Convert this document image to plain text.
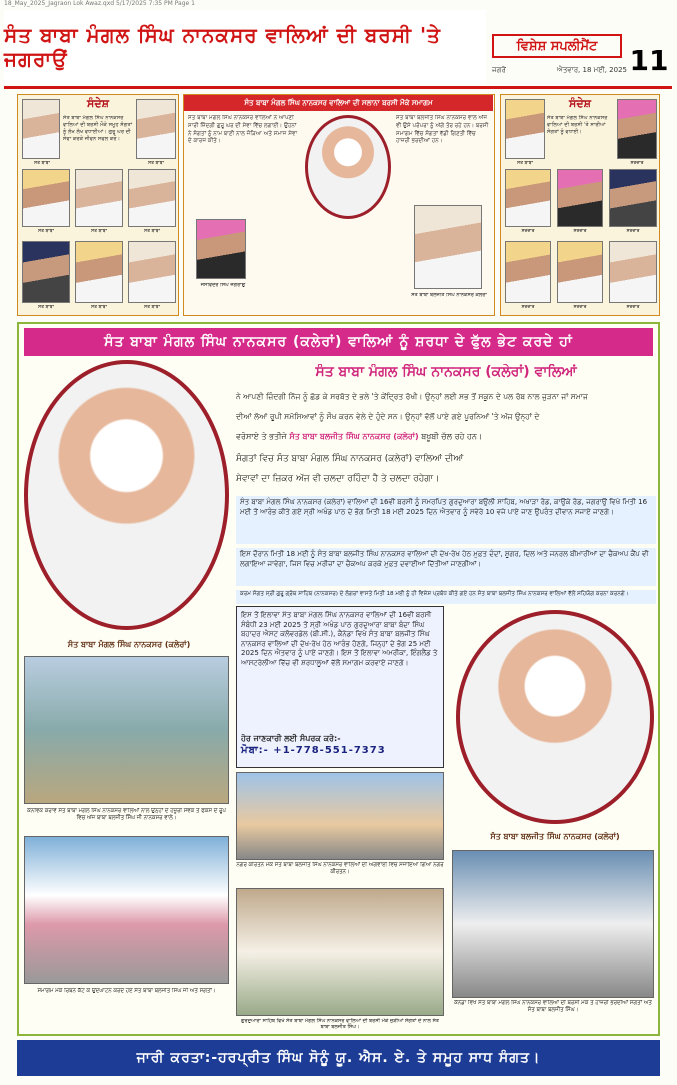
18_May_2025_Jagraon Lok Awaz.qxd 5/17/2025 7:35 PM Page 1
ਸੰਤ ਬਾਬਾ ਮੰਗਲ ਸਿੰਘ ਨਾਨਕਸਰ ਵਾਲਿਆਂ ਦੀ ਬਰਸੀ 'ਤੇ ਜਗਰਾਉਂ
ਵਿਸ਼ੇਸ਼ ਸਪਲੀਮੈਂਟ	11
ਜਗਰੋਂ	ਐਤਵਾਰ, 18 ਮਈ, 2025
ਸੰਦੇਸ਼
ਸੰਤ ਬਾਬਾ ਮੰਗਲ ਸਿੰਘ ਨਾਨਕਸਰ ਵਾਲਿਆਂ ਦੀ ਬਰਸੀ ਮੌਕੇ ਸਮੂਹ ਸੰਗਤਾਂ ਨੂੰ ਲੱਖ ਲੱਖ ਵਧਾਈਆਂ। ਗੁਰੂ ਘਰ ਦੀ ਸੇਵਾ ਕਰਕੇ ਜੀਵਨ ਸਫਲ ਕਰੋ।
ਸੰਤ ਬਾਬਾ	ਸੰਤ ਬਾਬਾ
ਸੰਤ ਬਾਬਾ	ਸੰਤ ਬਾਬਾ	ਸੰਤ ਬਾਬਾ
ਸੰਤ ਬਾਬਾ	ਸੰਤ ਬਾਬਾ	ਸੰਤ ਬਾਬਾ
ਸੰਤ ਬਾਬਾ ਮੰਗਲ ਸਿੰਘ ਨਾਨਕਸਰ ਵਾਲਿਆਂ ਦੀ ਸਲਾਨਾ ਬਰਸੀ ਮੌਕੇ ਸਮਾਗਮ
ਸੰਤ ਬਾਬਾ ਮੰਗਲ ਸਿੰਘ ਨਾਨਕਸਰ ਵਾਲਿਆਂ ਨੇ ਆਪਣੀ ਸਾਰੀ ਜ਼ਿੰਦਗੀ ਗੁਰੂ ਘਰ ਦੀ ਸੇਵਾ ਵਿੱਚ ਲਗਾਈ। ਉਹਨਾਂ ਨੇ ਸੰਗਤਾਂ ਨੂੰ ਨਾਮ ਬਾਣੀ ਨਾਲ ਜੋੜਿਆ ਅਤੇ ਸਮਾਜ ਸੇਵਾ ਦੇ ਕਾਰਜ ਕੀਤੇ।
ਸੰਤ ਬਾਬਾ ਬਲਜੀਤ ਸਿੰਘ ਨਾਨਕਸਰ ਵਾਲੇ ਅੱਜ ਵੀ ਉਸੇ ਪਰੰਪਰਾ ਨੂੰ ਅੱਗੇ ਤੋਰ ਰਹੇ ਹਨ। ਬਰਸੀ ਸਮਾਗਮ ਵਿੱਚ ਸੰਗਤਾਂ ਵੱਡੀ ਗਿਣਤੀ ਵਿੱਚ ਹਾਜ਼ਰੀ ਭਰਦੀਆਂ ਹਨ।
ਜਸਵਿੰਦਰ ਸਿੰਘ ਜਗਰਾਉਂ
ਸੰਤ ਬਾਬਾ ਬਲਜੀਤ ਸਿੰਘ ਨਾਨਕਸਰ ਕਲੇਰਾਂ
ਸੰਦੇਸ਼
ਸੰਤ ਬਾਬਾ ਮੰਗਲ ਸਿੰਘ ਨਾਨਕਸਰ ਵਾਲਿਆਂ ਦੀ ਬਰਸੀ 'ਤੇ ਸਾਰੀਆਂ ਸੰਗਤਾਂ ਨੂੰ ਵਧਾਈ।
ਸੰਤ ਬਾਬਾ	ਸਰਦਾਰ
ਸਰਦਾਰ	ਸਰਦਾਰ	ਸਰਦਾਰ
ਸਰਦਾਰ	ਸਰਦਾਰ	ਸਰਦਾਰ
ਸੰਤ ਬਾਬਾ ਮੰਗਲ ਸਿੰਘ ਨਾਨਕਸਰ (ਕਲੇਰਾਂ) ਵਾਲਿਆਂ ਨੂੰ ਸ਼ਰਧਾ ਦੇ ਫੁੱਲ ਭੇਟ ਕਰਦੇ ਹਾਂ
ਸੰਤ ਬਾਬਾ ਮੰਗਲ ਸਿੰਘ ਨਾਨਕਸਰ (ਕਲੇਰਾਂ) ਵਾਲਿਆਂ
ਨੇ ਆਪਣੀ ਜ਼ਿੰਦਗੀ ਨਿੱਜ ਨੂੰ ਛੱਡ ਕੇ ਸਰਬੱਤ ਦੇ ਭਲੇ 'ਤੇ ਕੇਂਦ੍ਰਿਤ ਰੱਖੀ। ਉਨ੍ਹਾਂ ਲਈ ਸਭ ਤੋਂ ਸਕੂਨ ਦੇ ਪਲ ਰੱਬ ਨਾਲ ਜੁੜਨਾ ਜਾਂ ਸਮਾਜ
ਦੀਆਂ ਲੋਆਂ ਰੂਪੀ ਸਮੱਸਿਆਵਾਂ ਨੂੰ ਸੌਖ ਕਰਨ ਵੇਲੇ ਦੇ ਹੁੰਦੇ ਸਨ। ਉਨ੍ਹਾਂ ਵੱਲੋਂ ਪਾਏ ਗਏ ਪੂਰਨਿਆਂ 'ਤੇ ਅੱਜ ਉਨ੍ਹਾਂ ਦੇ
ਵਰੋਸਾਏ ਤੇ ਭਤੀਜੇ ਸੰਤ ਬਾਬਾ ਬਲਜੀਤ ਸਿੰਘ ਨਾਨਕਸਰ (ਕਲੇਰਾਂ) ਬਖੂਬੀ ਚੱਲ ਰਹੇ ਹਨ।
ਸੰਗਤਾਂ ਵਿਚ ਸੰਤ ਬਾਬਾ ਮੰਗਲ ਸਿੰਘ ਨਾਨਕਸਰ (ਕਲੇਰਾਂ) ਵਾਲਿਆਂ ਦੀਆਂ
ਸੇਵਾਵਾਂ ਦਾ ਜ਼ਿਕਰ ਅੱਜ ਵੀ ਚਲਦਾ ਰਹਿੰਦਾ ਹੈ ਤੇ ਚਲਦਾ ਰਹੇਗਾ।
ਸੰਤ ਬਾਬਾ ਮੰਗਲ ਸਿੰਘ ਨਾਨਕਸਰ (ਕਲੇਰਾਂ) ਵਾਲਿਆਂ ਦੀ 16ਵੀਂ ਬਰਸੀ ਨੂੰ ਸਮਰਪਿਤ ਗੁਰਦੁਆਰਾ ਬਉਲੀ ਸਾਹਿਬ, ਅਖਾੜਾ ਰੋਡ, ਕਾਉਂਕੇ ਰੋਡ, ਜਗਰਾਉਂ ਵਿਖੇ ਮਿਤੀ 16 ਮਈ ਤੋਂ ਆਰੰਭ ਕੀਤੇ ਗਏ ਸ੍ਰੀ ਅਖੰਡ ਪਾਠ ਦੇ ਭੋਗ ਮਿਤੀ 18 ਮਈ 2025 ਦਿਨ ਐਤਵਾਰ ਨੂੰ ਸਵੇਰੇ 10 ਵਜੇ ਪਾਏ ਜਾਣ ਉਪਰੰਤ ਦੀਵਾਨ ਸਜਾਏ ਜਾਣਗੇ।
ਇਸ ਦੌਰਾਨ ਮਿਤੀ 18 ਮਈ ਨੂੰ ਸੰਤ ਬਾਬਾ ਬਲਜੀਤ ਸਿੰਘ ਨਾਨਕਸਰ ਵਾਲਿਆਂ ਦੀ ਦੇਖ-ਰੇਖ ਹੇਠ ਮੁਫ਼ਤ ਦੰਦਾਂ, ਸ਼ੂਗਰ, ਦਿਲ ਅਤੇ ਜਨਰਲ ਬੀਮਾਰੀਆਂ ਦਾ ਚੈਕਅਪ ਕੈਂਪ ਵੀ ਲਗਾਇਆ ਜਾਵੇਗਾ, ਜਿਸ ਵਿਚ ਮਰੀਜ਼ਾਂ ਦਾ ਚੈਕਅਪ ਕਰਕੇ ਮੁਫ਼ਤ ਦਵਾਈਆਂ ਦਿੱਤੀਆਂ ਜਾਣਗੀਆਂ।
ਕਰਮ ਸੰਗਤ ਸ੍ਰੀ ਗੁਰੂ ਗ੍ਰੰਥ ਸਾਹਿਬ (ਨਾਨਕਸਰ) ਦੇ ਲੰਗਰਾਂ ਵਾਸਤੇ ਮਿਤੀ 18 ਮਈ ਨੂੰ ਹੀ ਵਿਸ਼ੇਸ਼ ਪ੍ਰਬੰਧ ਕੀਤੇ ਗਏ ਹਨ ਸੰਤ ਬਾਬਾ ਬਲਜੀਤ ਸਿੰਘ ਨਾਨਕਸਰ ਵਾਲਿਆਂ ਵੱਲੋਂ ਸਹਿਯੋਗ ਕਰਨਾ ਕਰਨਗੇ।
ਸੰਤ ਬਾਬਾ ਮੰਗਲ ਸਿੰਘ ਨਾਨਕਸਰ (ਕਲੇਰਾਂ)
ਇਸ ਤੋਂ ਇਲਾਵਾ ਸੰਤ ਬਾਬਾ ਮੰਗਲ ਸਿੰਘ ਨਾਨਕਸਰ ਵਾਲਿਆਂ ਦੀ 16ਵੀਂ ਬਰਸੀ ਸੰਬੰਧੀ 23 ਮਈ 2025 ਤੋਂ ਸ੍ਰੀ ਅਖੰਡ ਪਾਠ ਗੁਰਦੁਆਰਾ ਬਾਬਾ ਬੰਦਾ ਸਿੰਘ ਬਹਾਦਰ ਐਸਟ ਕਲੋਵਰਡੇਲ (ਬੀ.ਸੀ.), ਕੈਨੇਡਾ ਵਿਖੇ ਸੰਤ ਬਾਬਾ ਬਲਜੀਤ ਸਿੰਘ ਨਾਨਕਸਰ ਵਾਲਿਆਂ ਦੀ ਦੇਖ-ਰੇਖ ਹੇਠ ਆਰੰਭ ਹੋਣਗੇ, ਜਿਨ੍ਹਾਂ ਦੇ ਭੋਗ 25 ਮਈ 2025 ਦਿਨ ਐਤਵਾਰ ਨੂੰ ਪਾਏ ਜਾਣਗੇ। ਇਸ ਤੋਂ ਇਲਾਵਾ ਅਮਰੀਕਾ, ਇੰਗਲੈਂਡ ਤੇ ਆਸਟਰੇਲੀਆ ਵਿੱਚ ਵੀ ਸ਼ਰਧਾਲੂਆਂ ਵੱਲੋਂ ਸਮਾਗਮ ਕਰਵਾਏ ਜਾਣਗੇ।
ਹੋਰ ਜਾਣਕਾਰੀ ਲਈ ਸੰਪਰਕ ਕਰੋ:-
ਮੋਬਾ:- +1-778-551-7373
ਸੰਤ ਬਾਬਾ ਬਲਜੀਤ ਸਿੰਘ ਨਾਨਕਸਰ (ਕਲੇਰਾਂ)
ਕੰਨਵਿਕ ਕਰਾਵੇ ਸੰਤ ਬਾਬਾ ਮੰਗਲ ਸਿੰਘ ਨਾਨਕਸਰ ਵਾਲਿਆਂ ਨਾਲ ਉਨ੍ਹਾਂ ਦੇ ਹਜ਼ੂਰੀ ਸੇਵਕ ਤੇ ਫੋਕਸ ਦੇ ਰੂਪ ਵਿਚ ਅੱਜ ਬਾਬਾ ਬਲਜੀਤ ਸਿੰਘ ਜੀ ਨਾਨਕਸਰ ਵਾਲੇ।
ਨਗਰ ਕੀਰਤਨ ਮੌਕੇ ਸੰਤ ਬਾਬਾ ਬਲਜੀਤ ਸਿੰਘ ਨਾਨਕਸਰ ਵਾਲਿਆਂ ਦੀ ਅਗਵਾਈ ਵਿਚ ਸਜਾਇਆ ਗਿਆ ਨਗਰ ਕੀਰਤਨ।
ਸਮਾਗਮ ਮੌਕੇ ਰਿਬਨ ਕੱਟ ਕੇ ਉਦਘਾਟਨ ਕਰਦੇ ਹੋਏ ਸੰਤ ਬਾਬਾ ਬਲਜੀਤ ਸਿੰਘ ਜੀ ਅਤੇ ਸੰਗਤਾਂ।
ਗੁਰਦੁਆਰਾ ਸਾਹਿਬ ਵਿਖੇ ਸੰਤ ਬਾਬਾ ਮੰਗਲ ਸਿੰਘ ਨਾਨਕਸਰ ਵਾਲਿਆਂ ਦੀ ਬਰਸੀ ਮੌਕੇ ਜੁੜੀਆਂ ਸੰਗਤਾਂ ਦੇ ਨਾਲ ਸੰਤ ਬਾਬਾ ਬਲਜੀਤ ਸਿੰਘ।
ਕੈਨੇਡਾ ਵਿਖੇ ਸੰਤ ਬਾਬਾ ਮੰਗਲ ਸਿੰਘ ਨਾਨਕਸਰ ਵਾਲਿਆਂ ਦੀ ਬਰਸੀ ਮੌਕੇ ਤੇ ਹਾਜ਼ਰੀ ਭਰਦੀਆਂ ਸੰਗਤਾਂ ਅਤੇ ਸੰਤ ਬਾਬਾ ਬਲਜੀਤ ਸਿੰਘ।
ਜਾਰੀ ਕਰਤਾ:-ਹਰਪ੍ਰੀਤ ਸਿੰਘ ਸੋਨੂੰ ਯੂ. ਐਸ. ਏ. ਤੇ ਸਮੂਹ ਸਾਧ ਸੰਗਤ।
